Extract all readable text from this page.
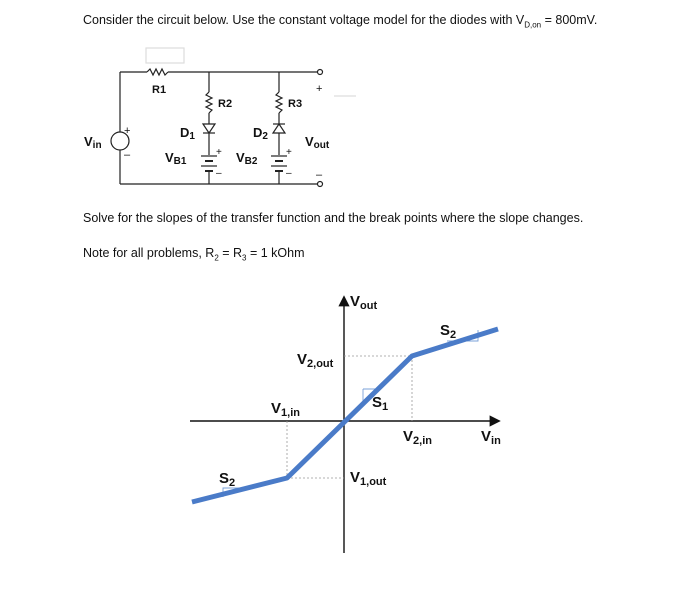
Consider the circuit below. Use the constant voltage model for the diodes with $V_{D,on} = 800mV$.
Solve for the slopes of the transfer function and the break points where the slope changes.
Note for all problems, $R_2 = R_3 = 1$ kOhm
R1
R2	R3
Vin
+
–
D1	D2
VB1
+
–
VB2
+
–
+
Vout
–
$V_{out}$
$V_{in}$
$V_{2,out}$
$V_{1,in}$
$V_{2,in}$
$V_{1,out}$
$S_1$
$S_2$
$S_2$
